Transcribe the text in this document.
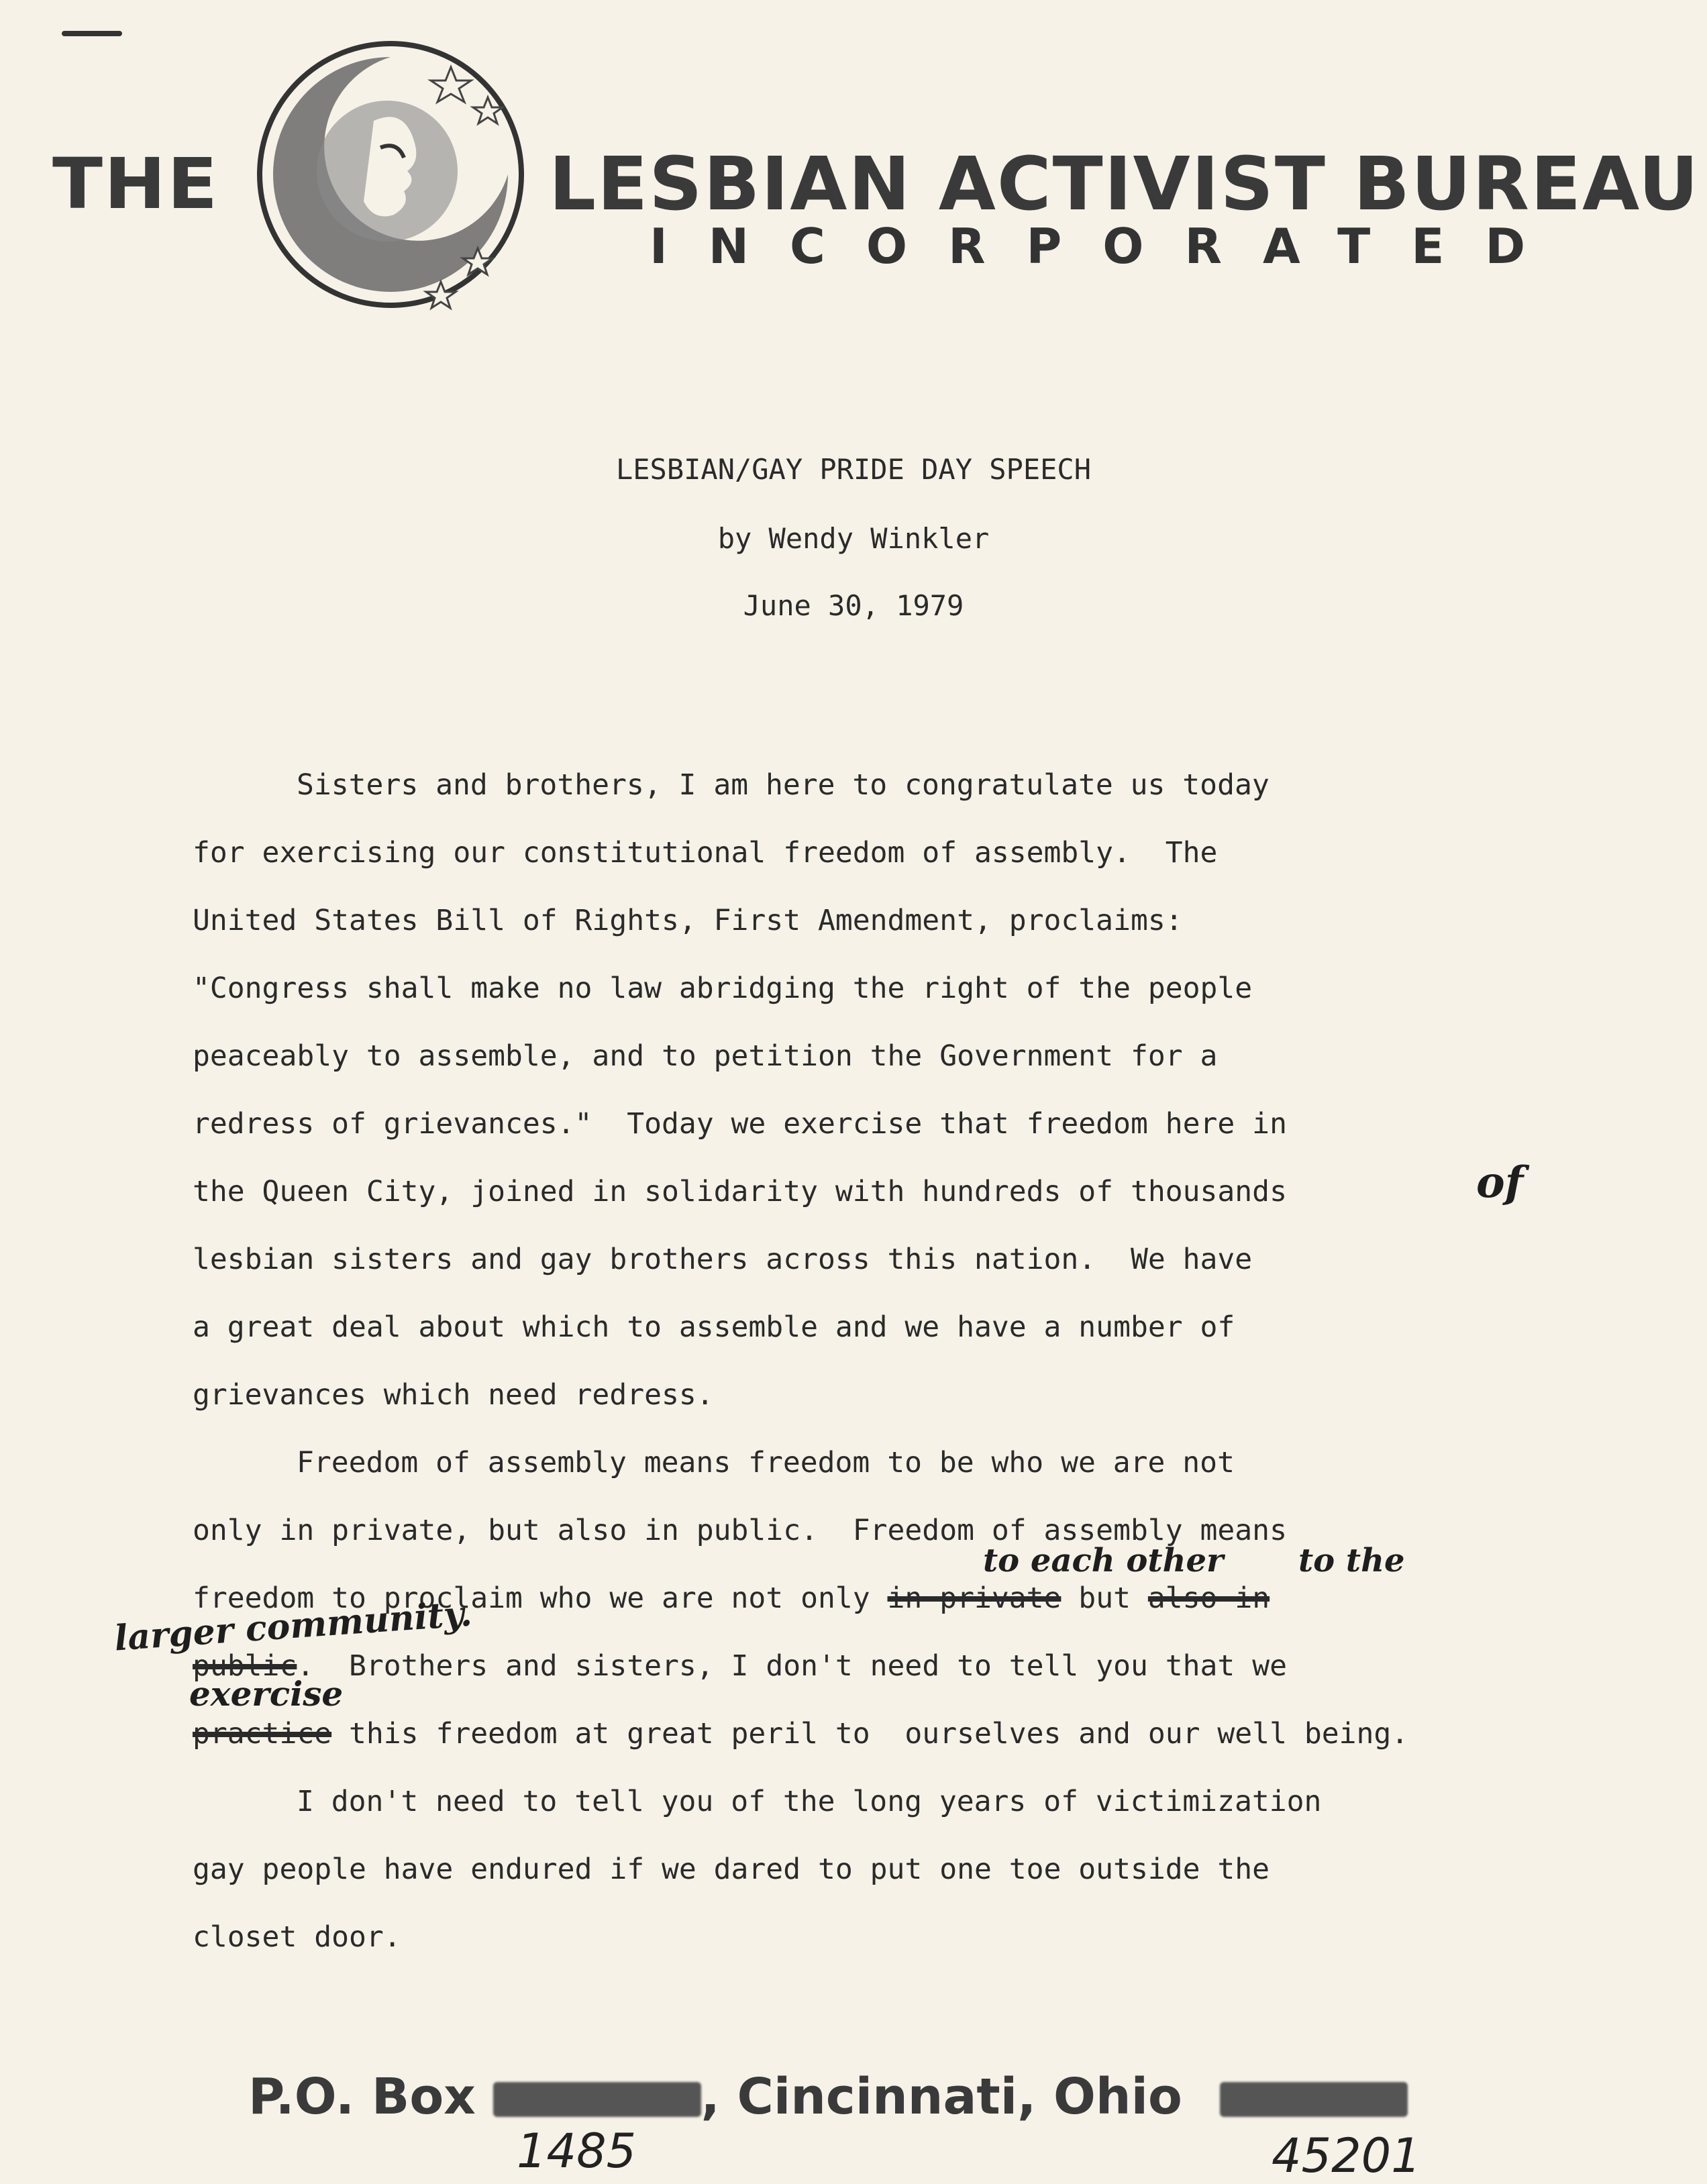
THE	LESBIAN ACTIVIST BUREAU
INCORPORATED
LESBIAN/GAY PRIDE DAY SPEECH
by Wendy Winkler
June 30, 1979
Sisters and brothers, I am here to congratulate us today
for exercising our constitutional freedom of assembly.  The
United States Bill of Rights, First Amendment, proclaims:
"Congress shall make no law abridging the right of the people
peaceably to assemble, and to petition the Government for a
redress of grievances."  Today we exercise that freedom here in
the Queen City, joined in solidarity with hundreds of thousands
lesbian sisters and gay brothers across this nation.  We have
a great deal about which to assemble and we have a number of
grievances which need redress.
Freedom of assembly means freedom to be who we are not
only in private, but also in public.  Freedom of assembly means
freedom to proclaim who we are not only in private but also in
public.  Brothers and sisters, I don't need to tell you that we
practice this freedom at great peril to  ourselves and our well being.
I don't need to tell you of the long years of victimization
gay people have endured if we dared to put one toe outside the
closet door.
of
to each other to the
larger community.
exercise
P.O. Box	, Cincinnati, Ohio
1485	45201
